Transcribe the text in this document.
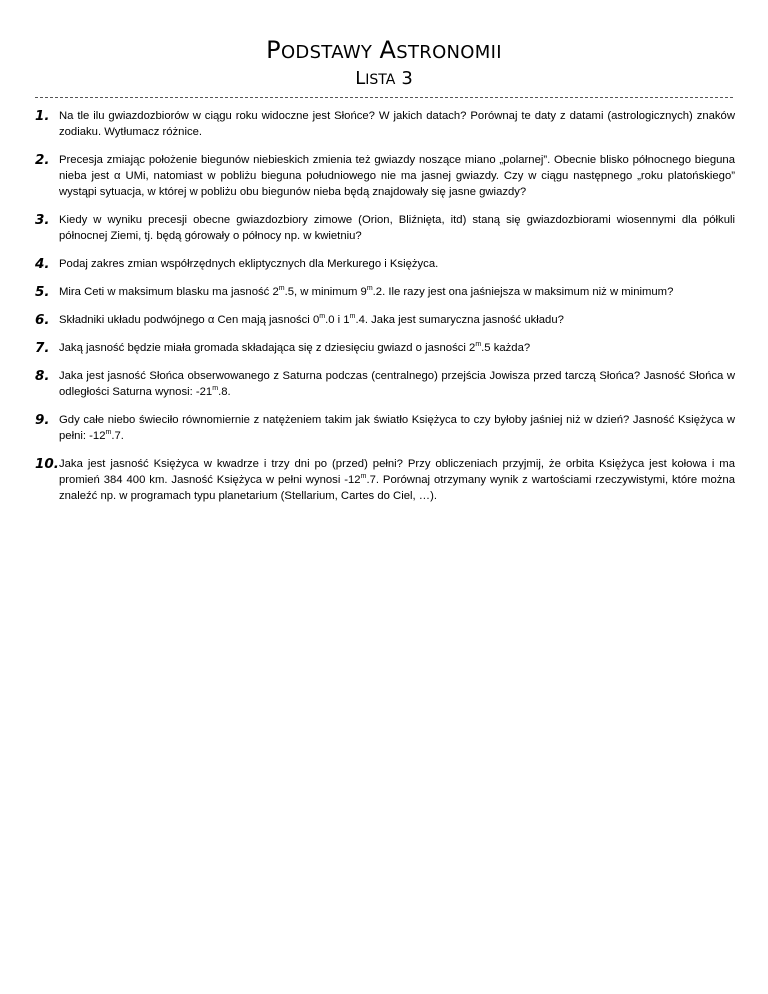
PODSTAWY ASTRONOMII
LISTA 3
1. Na tle ilu gwiazdozbiorów w ciągu roku widoczne jest Słońce? W jakich datach? Porównaj te daty z datami (astrologicznych) znaków zodiaku. Wytłumacz różnice.
2. Precesja zmiając położenie biegunów niebieskich zmienia też gwiazdy noszące miano „polarnej”. Obecnie blisko północnego bieguna nieba jest α UMi, natomiast w pobliżu bieguna południowego nie ma jasnej gwiazdy. Czy w ciągu następnego „roku platońskiego” wystąpi sytuacja, w której w pobliżu obu biegunów nieba będą znajdowały się jasne gwiazdy?
3. Kiedy w wyniku precesji obecne gwiazdozbiory zimowe (Orion, Bliźnięta, itd) staną się gwiazdozbiorami wiosennymi dla półkuli północnej Ziemi, tj. będą górowały o północy np. w kwietniu?
4. Podaj zakres zmian współrzędnych ekliptycznych dla Merkurego i Księżyca.
5. Mira Ceti w maksimum blasku ma jasność 2$^m$.5, w minimum 9$^m$.2. Ile razy jest ona jaśniejsza w maksimum niż w minimum?
6. Składniki układu podwójnego α Cen mają jasności 0$^m$.0 i 1$^m$.4. Jaka jest sumaryczna jasność układu?
7. Jaką jasność będzie miała gromada składająca się z dziesięciu gwiazd o jasności 2$^m$.5 każda?
8. Jaka jest jasność Słońca obserwowanego z Saturna podczas (centralnego) przejścia Jowisza przed tarczą Słońca? Jasność Słońca w odległości Saturna wynosi: -21$^m$.8.
9. Gdy całe niebo świeciło równomiernie z natężeniem takim jak światło Księżyca to czy byłoby jaśniej niż w dzień? Jasność Księżyca w pełni: -12$^m$.7.
10. Jaka jest jasność Księżyca w kwadrze i trzy dni po (przed) pełni? Przy obliczeniach przyjmij, że orbita Księżyca jest kołowa i ma promień 384 400 km. Jasność Księżyca w pełni wynosi -12$^m$.7. Porównaj otrzymany wynik z wartościami rzeczywistymi, które można znaleźć np. w programach typu planetarium (Stellarium, Cartes do Ciel, …).
